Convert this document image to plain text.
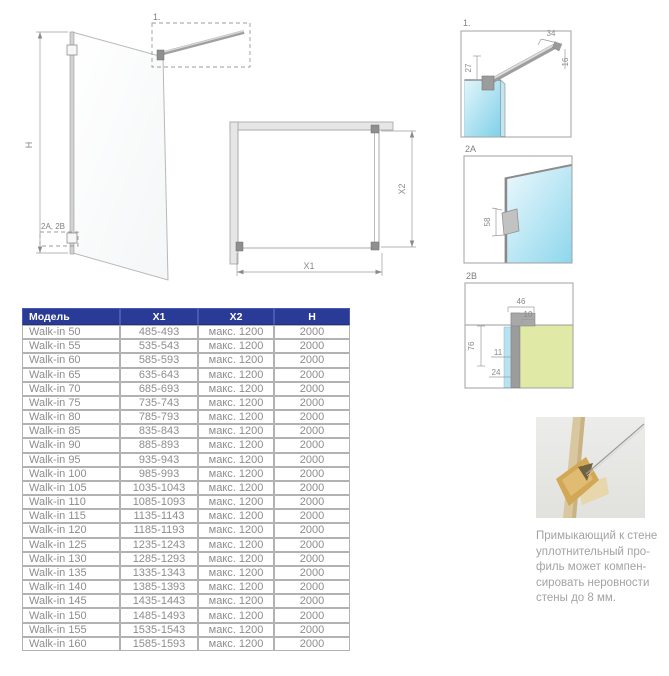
1.
2A, 2B
H
X2
X1
1.
34
16
27
2A
58
2B
46
10
76
11
24
Примыкающий к стене
уплотнительный про-
филь может компен-
сировать неровности
стены до 8 мм.
Модель	X1	X2	H
Walk-in 50	485-493	макс. 1200	2000
Walk-in 55	535-543	макс. 1200	2000
Walk-in 60	585-593	макс. 1200	2000
Walk-in 65	635-643	макс. 1200	2000
Walk-in 70	685-693	макс. 1200	2000
Walk-in 75	735-743	макс. 1200	2000
Walk-in 80	785-793	макс. 1200	2000
Walk-in 85	835-843	макс. 1200	2000
Walk-in 90	885-893	макс. 1200	2000
Walk-in 95	935-943	макс. 1200	2000
Walk-in 100	985-993	макс. 1200	2000
Walk-in 105	1035-1043	макс. 1200	2000
Walk-in 110	1085-1093	макс. 1200	2000
Walk-in 115	1135-1143	макс. 1200	2000
Walk-in 120	1185-1193	макс. 1200	2000
Walk-in 125	1235-1243	макс. 1200	2000
Walk-in 130	1285-1293	макс. 1200	2000
Walk-in 135	1335-1343	макс. 1200	2000
Walk-in 140	1385-1393	макс. 1200	2000
Walk-in 145	1435-1443	макс. 1200	2000
Walk-in 150	1485-1493	макс. 1200	2000
Walk-in 155	1535-1543	макс. 1200	2000
Walk-in 160	1585-1593	макс. 1200	2000
